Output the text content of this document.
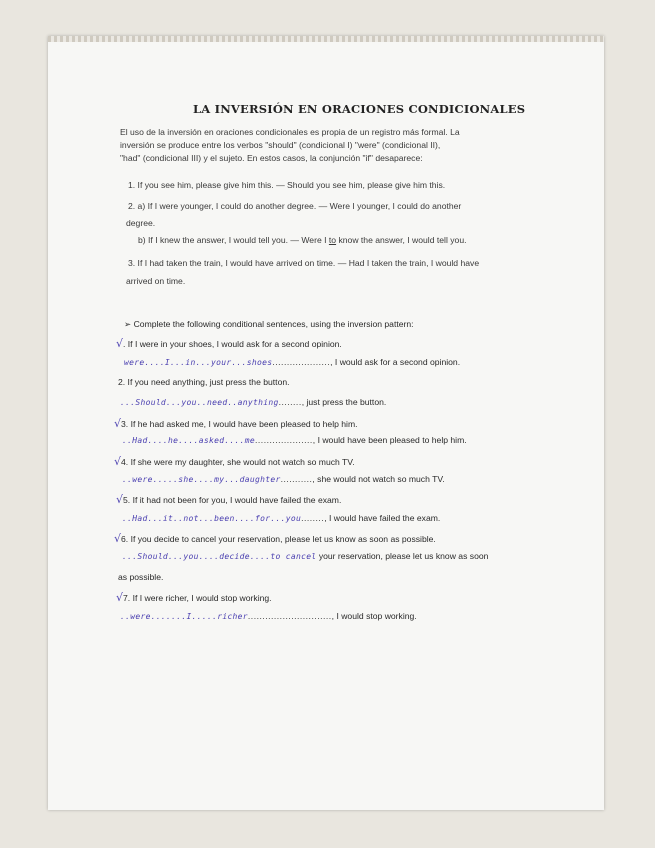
LA INVERSIÓN EN ORACIONES CONDICIONALES
El uso de la inversión en oraciones condicionales es propia de un registro más formal. La
inversión se produce entre los verbos "should" (condicional I) "were" (condicional II),
"had" (condicional III) y el sujeto. En estos casos, la conjunción "if" desaparece:
1. If you see him, please give him this. — Should you see him, please give him this.
2. a) If I were younger, I could do another degree. — Were I younger, I could do another
degree.
b) If I knew the answer, I would tell you. — Were I to know the answer, I would tell you.
3. If I had taken the train, I would have arrived on time. — Had I taken the train, I would have
arrived on time.
➢ Complete the following conditional sentences, using the inversion pattern:
√. If I were in your shoes, I would ask for a second opinion.
were....I...in...your...shoes...................., I would ask for a second opinion.
2. If you need anything, just press the button.
...Should...you..need..anything........, just press the button.
√3. If he had asked me, I would have been pleased to help him.
..Had....he....asked....me...................., I would have been pleased to help him.
√4. If she were my daughter, she would not watch so much TV.
..were.....she....my...daughter..........., she would not watch so much TV.
√5. If it had not been for you, I would have failed the exam.
..Had...it..not...been....for...you........, I would have failed the exam.
√6. If you decide to cancel your reservation, please let us know as soon as possible.
...Should...you....decide....to cancel your reservation, please let us know as soon
as possible.
√7. If I were richer, I would stop working.
..were.......I.....richer............................., I would stop working.
